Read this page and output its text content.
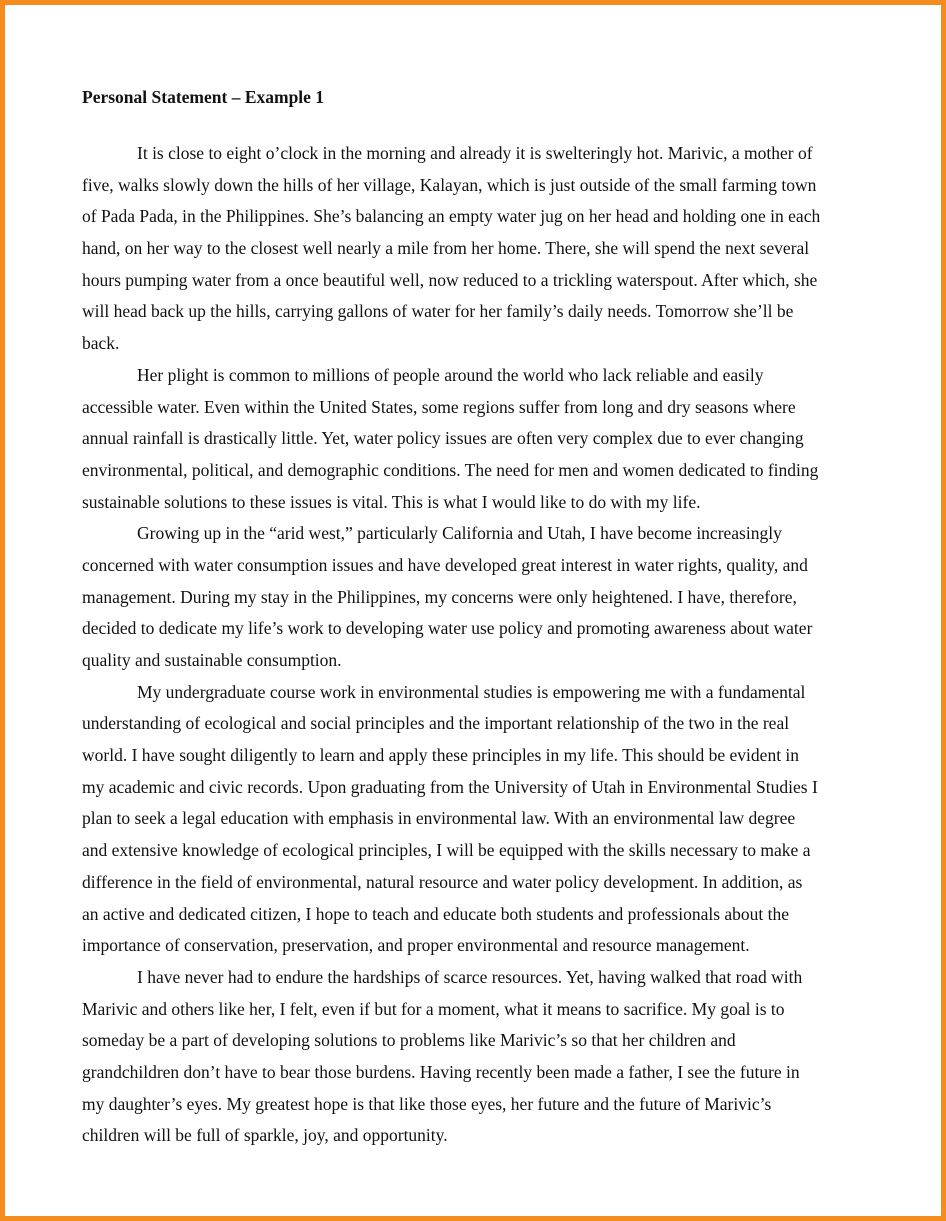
Personal Statement – Example 1
It is close to eight o’clock in the morning and already it is swelteringly hot. Marivic, a mother of
five, walks slowly down the hills of her village, Kalayan, which is just outside of the small farming town
of Pada Pada, in the Philippines. She’s balancing an empty water jug on her head and holding one in each
hand, on her way to the closest well nearly a mile from her home. There, she will spend the next several
hours pumping water from a once beautiful well, now reduced to a trickling waterspout. After which, she
will head back up the hills, carrying gallons of water for her family’s daily needs. Tomorrow she’ll be
back.
Her plight is common to millions of people around the world who lack reliable and easily
accessible water. Even within the United States, some regions suffer from long and dry seasons where
annual rainfall is drastically little. Yet, water policy issues are often very complex due to ever changing
environmental, political, and demographic conditions. The need for men and women dedicated to finding
sustainable solutions to these issues is vital. This is what I would like to do with my life.
Growing up in the “arid west,” particularly California and Utah, I have become increasingly
concerned with water consumption issues and have developed great interest in water rights, quality, and
management. During my stay in the Philippines, my concerns were only heightened. I have, therefore,
decided to dedicate my life’s work to developing water use policy and promoting awareness about water
quality and sustainable consumption.
My undergraduate course work in environmental studies is empowering me with a fundamental
understanding of ecological and social principles and the important relationship of the two in the real
world. I have sought diligently to learn and apply these principles in my life. This should be evident in
my academic and civic records. Upon graduating from the University of Utah in Environmental Studies I
plan to seek a legal education with emphasis in environmental law. With an environmental law degree
and extensive knowledge of ecological principles, I will be equipped with the skills necessary to make a
difference in the field of environmental, natural resource and water policy development. In addition, as
an active and dedicated citizen, I hope to teach and educate both students and professionals about the
importance of conservation, preservation, and proper environmental and resource management.
I have never had to endure the hardships of scarce resources. Yet, having walked that road with
Marivic and others like her, I felt, even if but for a moment, what it means to sacrifice. My goal is to
someday be a part of developing solutions to problems like Marivic’s so that her children and
grandchildren don’t have to bear those burdens. Having recently been made a father, I see the future in
my daughter’s eyes. My greatest hope is that like those eyes, her future and the future of Marivic’s
children will be full of sparkle, joy, and opportunity.
